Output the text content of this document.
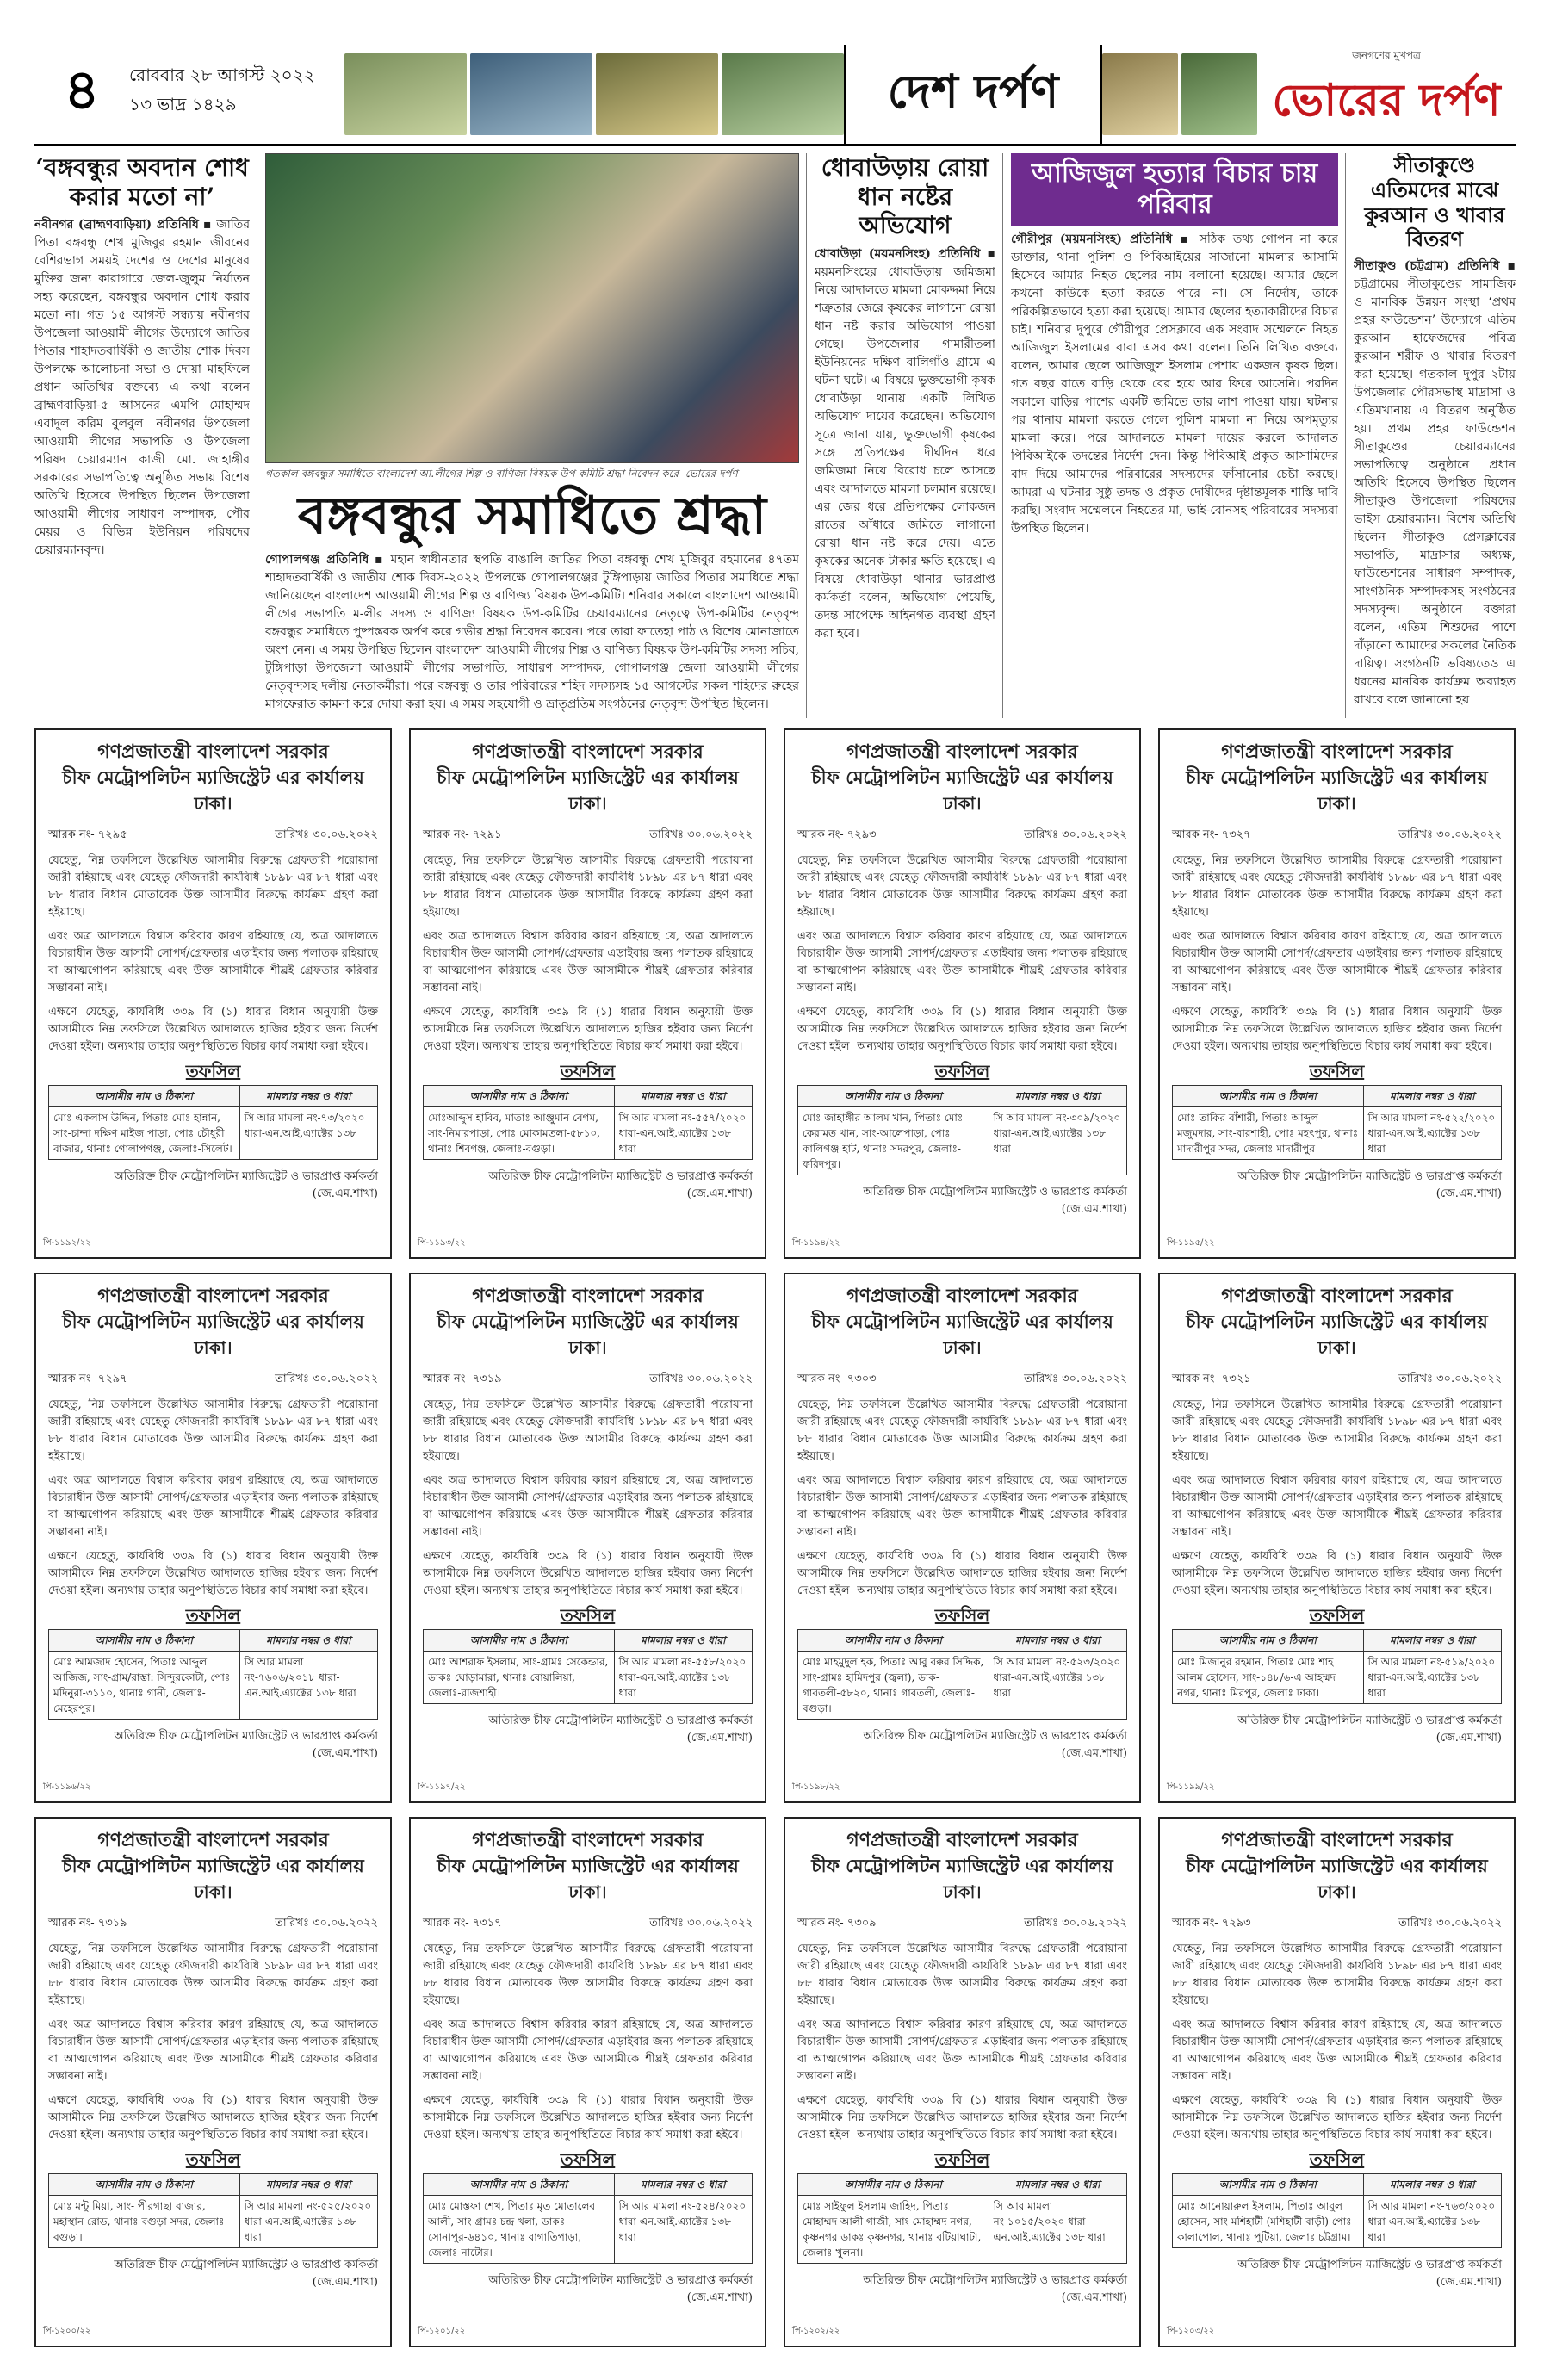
৪	রোববার ২৮ আগস্ট ২০২২
১৩ ভাদ্র ১৪২৯	দেশ দর্পণ
জনগণের মুখপত্র
ভোরের দর্পণ
‘বঙ্গবন্ধুর অবদান শোধ করার মতো না’
নবীনগর (ব্রাহ্মণবাড়িয়া) প্রতিনিধি ▪ জাতির পিতা বঙ্গবন্ধু শেখ মুজিবুর রহমান জীবনের বেশিরভাগ সময়ই দেশের ও দেশের মানুষের মুক্তির জন্য কারাগারে জেল-জুলুম নির্যাতন সহ্য করেছেন, বঙ্গবন্ধুর অবদান শোধ করার মতো না। গত ১৫ আগস্ট সন্ধ্যায় নবীনগর উপজেলা আওয়ামী লীগের উদ্যোগে জাতির পিতার শাহাদতবার্ষিকী ও জাতীয় শোক দিবস উপলক্ষে আলোচনা সভা ও দোয়া মাহফিলে প্রধান অতিথির বক্তব্যে এ কথা বলেন ব্রাহ্মণবাড়িয়া-৫ আসনের এমপি মোহাম্মদ এবাদুল করিম বুলবুল। নবীনগর উপজেলা আওয়ামী লীগের সভাপতি ও উপজেলা পরিষদ চেয়ারম্যান কাজী মো. জাহাঙ্গীর সরকারের সভাপতিত্বে অনুষ্ঠিত সভায় বিশেষ অতিথি হিসেবে উপস্থিত ছিলেন উপজেলা আওয়ামী লীগের সাধারণ সম্পাদক, পৌর মেয়র ও বিভিন্ন ইউনিয়ন পরিষদের চেয়ারম্যানবৃন্দ।
গতকাল বঙ্গবন্ধুর সমাধিতে বাংলাদেশ আ.লীগের শিল্প ও বাণিজ্য বিষয়ক উপ-কমিটি শ্রদ্ধা নিবেদন করে -ভোরের দর্পণ
বঙ্গবন্ধুর সমাধিতে শ্রদ্ধা
গোপালগঞ্জ প্রতিনিধি ▪ মহান স্বাধীনতার স্থপতি বাঙালি জাতির পিতা বঙ্গবন্ধু শেখ মুজিবুর রহমানের ৪৭তম শাহাদতবার্ষিকী ও জাতীয় শোক দিবস-২০২২ উপলক্ষে গোপালগঞ্জের টুঙ্গিপাড়ায় জাতির পিতার সমাধিতে শ্রদ্ধা জানিয়েছেন বাংলাদেশ আওয়ামী লীগের শিল্প ও বাণিজ্য বিষয়ক উপ-কমিটি। শনিবার সকালে বাংলাদেশ আওয়ামী লীগের সভাপতি ম-লীর সদস্য ও বাণিজ্য বিষয়ক উপ-কমিটির চেয়ারম্যানের নেতৃত্বে উপ-কমিটির নেতৃবৃন্দ বঙ্গবন্ধুর সমাধিতে পুষ্পস্তবক অর্পণ করে গভীর শ্রদ্ধা নিবেদন করেন। পরে তারা ফাতেহা পাঠ ও বিশেষ মোনাজাতে অংশ নেন। এ সময় উপস্থিত ছিলেন বাংলাদেশ আওয়ামী লীগের শিল্প ও বাণিজ্য বিষয়ক উপ-কমিটির সদস্য সচিব, টুঙ্গিপাড়া উপজেলা আওয়ামী লীগের সভাপতি, সাধারণ সম্পাদক, গোপালগঞ্জ জেলা আওয়ামী লীগের নেতৃবৃন্দসহ দলীয় নেতাকর্মীরা। পরে বঙ্গবন্ধু ও তার পরিবারের শহিদ সদস্যসহ ১৫ আগস্টের সকল শহিদের রুহের মাগফেরাত কামনা করে দোয়া করা হয়। এ সময় সহযোগী ও ভ্রাতৃপ্রতিম সংগঠনের নেতৃবৃন্দ উপস্থিত ছিলেন।
ধোবাউড়ায় রোয়া ধান নষ্টের অভিযোগ
ধোবাউড়া (ময়মনসিংহ) প্রতিনিধি ▪ ময়মনসিংহের ধোবাউড়ায় জমিজমা নিয়ে আদালতে মামলা মোকদ্দমা নিয়ে শত্রুতার জেরে কৃষকের লাগানো রোয়া ধান নষ্ট করার অভিযোগ পাওয়া গেছে। উপজেলার গামারীতলা ইউনিয়নের দক্ষিণ বালিগাঁও গ্রামে এ ঘটনা ঘটে। এ বিষয়ে ভুক্তভোগী কৃষক ধোবাউড়া থানায় একটি লিখিত অভিযোগ দায়ের করেছেন। অভিযোগ সূত্রে জানা যায়, ভুক্তভোগী কৃষকের সঙ্গে প্রতিপক্ষের দীর্ঘদিন ধরে জমিজমা নিয়ে বিরোধ চলে আসছে এবং আদালতে মামলা চলমান রয়েছে। এর জের ধরে প্রতিপক্ষের লোকজন রাতের আঁধারে জমিতে লাগানো রোয়া ধান নষ্ট করে দেয়। এতে কৃষকের অনেক টাকার ক্ষতি হয়েছে। এ বিষয়ে ধোবাউড়া থানার ভারপ্রাপ্ত কর্মকর্তা বলেন, অভিযোগ পেয়েছি, তদন্ত সাপেক্ষে আইনগত ব্যবস্থা গ্রহণ করা হবে।
আজিজুল হত্যার বিচার চায় পরিবার
গৌরীপুর (ময়মনসিংহ) প্রতিনিধি ▪ সঠিক তথ্য গোপন না করে ডাক্তার, থানা পুলিশ ও পিবিআইয়ের সাজানো মামলার আসামি হিসেবে আমার নিহত ছেলের নাম বলানো হয়েছে। আমার ছেলে কখনো কাউকে হত্যা করতে পারে না। সে নির্দোষ, তাকে পরিকল্পিতভাবে হত্যা করা হয়েছে। আমার ছেলের হত্যাকারীদের বিচার চাই। শনিবার দুপুরে গৌরীপুর প্রেসক্লাবে এক সংবাদ সম্মেলনে নিহত আজিজুল ইসলামের বাবা এসব কথা বলেন। তিনি লিখিত বক্তব্যে বলেন, আমার ছেলে আজিজুল ইসলাম পেশায় একজন কৃষক ছিল। গত বছর রাতে বাড়ি থেকে বের হয়ে আর ফিরে আসেনি। পরদিন সকালে বাড়ির পাশের একটি জমিতে তার লাশ পাওয়া যায়। ঘটনার পর থানায় মামলা করতে গেলে পুলিশ মামলা না নিয়ে অপমৃত্যুর মামলা করে। পরে আদালতে মামলা দায়ের করলে আদালত পিবিআইকে তদন্তের নির্দেশ দেন। কিন্তু পিবিআই প্রকৃত আসামিদের বাদ দিয়ে আমাদের পরিবারের সদস্যদের ফাঁসানোর চেষ্টা করছে। আমরা এ ঘটনার সুষ্ঠু তদন্ত ও প্রকৃত দোষীদের দৃষ্টান্তমূলক শাস্তি দাবি করছি। সংবাদ সম্মেলনে নিহতের মা, ভাই-বোনসহ পরিবারের সদস্যরা উপস্থিত ছিলেন।
সীতাকুণ্ডে এতিমদের মাঝে কুরআন ও খাবার বিতরণ
সীতাকুণ্ড (চট্টগ্রাম) প্রতিনিধি ▪ চট্টগ্রামের সীতাকুণ্ডের সামাজিক ও মানবিক উন্নয়ন সংস্থা ‘প্রথম প্রহর ফাউন্ডেশন’ উদ্যোগে এতিম কুরআন হাফেজদের পবিত্র কুরআন শরীফ ও খাবার বিতরণ করা হয়েছে। গতকাল দুপুর ২টায় উপজেলার পৌরসভাস্থ মাদ্রাসা ও এতিমখানায় এ বিতরণ অনুষ্ঠিত হয়। প্রথম প্রহর ফাউন্ডেশন সীতাকুণ্ডের চেয়ারম্যানের সভাপতিত্বে অনুষ্ঠানে প্রধান অতিথি হিসেবে উপস্থিত ছিলেন সীতাকুণ্ড উপজেলা পরিষদের ভাইস চেয়ারম্যান। বিশেষ অতিথি ছিলেন সীতাকুণ্ড প্রেসক্লাবের সভাপতি, মাদ্রাসার অধ্যক্ষ, ফাউন্ডেশনের সাধারণ সম্পাদক, সাংগঠনিক সম্পাদকসহ সংগঠনের সদস্যবৃন্দ। অনুষ্ঠানে বক্তারা বলেন, এতিম শিশুদের পাশে দাঁড়ানো আমাদের সকলের নৈতিক দায়িত্ব। সংগঠনটি ভবিষ্যতেও এ ধরনের মানবিক কার্যক্রম অব্যাহত রাখবে বলে জানানো হয়।
গণপ্রজাতন্ত্রী বাংলাদেশ সরকার
চীফ মেট্রোপলিটন ম্যাজিস্ট্রেট এর কার্যালয়
ঢাকা।
স্মারক নং- ৭২৯৫	তারিখঃ ৩০.০৬.২০২২
যেহেতু, নিম্ন তফসিলে উল্লেখিত আসামীর বিরুদ্ধে গ্রেফতারী পরোয়ানা জারী রহিয়াছে এবং যেহেতু ফৌজদারী কার্যবিধি ১৮৯৮ এর ৮৭ ধারা এবং ৮৮ ধারার বিধান মোতাবেক উক্ত আসামীর বিরুদ্ধে কার্যক্রম গ্রহণ করা হইয়াছে।
এবং অত্র আদালতে বিশ্বাস করিবার কারণ রহিয়াছে যে, অত্র আদালতে বিচারাধীন উক্ত আসামী সোপর্দ/গ্রেফতার এড়াইবার জন্য পলাতক রহিয়াছে বা আত্মগোপন করিয়াছে এবং উক্ত আসামীকে শীঘ্রই গ্রেফতার করিবার সম্ভাবনা নাই।
এক্ষণে যেহেতু, কার্যবিধি ৩৩৯ বি (১) ধারার বিধান অনুযায়ী উক্ত আসামীকে নিম্ন তফসিলে উল্লেখিত আদালতে হাজির হইবার জন্য নির্দেশ দেওয়া হইল। অন্যথায় তাহার অনুপস্থিতিতে বিচার কার্য সমাধা করা হইবে।
তফসিল
আসামীর নাম ও ঠিকানা	মামলার নম্বর ও ধারা
মোঃ একলাস উদ্দিন, পিতাঃ মোঃ হান্নান, সাং-চান্দা দক্ষিণ মাইজ পাড়া, পোঃ চৌধুরী বাজার, থানাঃ গোলাপগঞ্জ, জেলাঃ-সিলেট।	সি আর মামলা নং-৭৩/২০২০ ধারা-এন.আই.এ্যাক্টের ১৩৮
অতিরিক্ত চীফ মেট্রোপলিটন ম্যাজিস্ট্রেট ও ভারপ্রাপ্ত কর্মকর্তা (জে.এম.শাখা)
পি-১১৯২/২২
গণপ্রজাতন্ত্রী বাংলাদেশ সরকার
চীফ মেট্রোপলিটন ম্যাজিস্ট্রেট এর কার্যালয়
ঢাকা।
স্মারক নং- ৭২৯১	তারিখঃ ৩০.০৬.২০২২
যেহেতু, নিম্ন তফসিলে উল্লেখিত আসামীর বিরুদ্ধে গ্রেফতারী পরোয়ানা জারী রহিয়াছে এবং যেহেতু ফৌজদারী কার্যবিধি ১৮৯৮ এর ৮৭ ধারা এবং ৮৮ ধারার বিধান মোতাবেক উক্ত আসামীর বিরুদ্ধে কার্যক্রম গ্রহণ করা হইয়াছে।
এবং অত্র আদালতে বিশ্বাস করিবার কারণ রহিয়াছে যে, অত্র আদালতে বিচারাধীন উক্ত আসামী সোপর্দ/গ্রেফতার এড়াইবার জন্য পলাতক রহিয়াছে বা আত্মগোপন করিয়াছে এবং উক্ত আসামীকে শীঘ্রই গ্রেফতার করিবার সম্ভাবনা নাই।
এক্ষণে যেহেতু, কার্যবিধি ৩৩৯ বি (১) ধারার বিধান অনুযায়ী উক্ত আসামীকে নিম্ন তফসিলে উল্লেখিত আদালতে হাজির হইবার জন্য নির্দেশ দেওয়া হইল। অন্যথায় তাহার অনুপস্থিতিতে বিচার কার্য সমাধা করা হইবে।
তফসিল
আসামীর নাম ও ঠিকানা	মামলার নম্বর ও ধারা
মোঃআব্দুস হাবিব, মাতাঃ আঞ্জুমান বেগম, সাং-নিমারপাড়া, পোঃ মোকামতলা-৫৮১০, থানাঃ শিবগঞ্জ, জেলাঃ-বগুড়া।	সি আর মামলা নং-৫৫৭/২০২০ ধারা-এন.আই.এ্যাক্টের ১৩৮ ধারা
অতিরিক্ত চীফ মেট্রোপলিটন ম্যাজিস্ট্রেট ও ভারপ্রাপ্ত কর্মকর্তা (জে.এম.শাখা)
পি-১১৯৩/২২
গণপ্রজাতন্ত্রী বাংলাদেশ সরকার
চীফ মেট্রোপলিটন ম্যাজিস্ট্রেট এর কার্যালয়
ঢাকা।
স্মারক নং- ৭২৯৩	তারিখঃ ৩০.০৬.২০২২
যেহেতু, নিম্ন তফসিলে উল্লেখিত আসামীর বিরুদ্ধে গ্রেফতারী পরোয়ানা জারী রহিয়াছে এবং যেহেতু ফৌজদারী কার্যবিধি ১৮৯৮ এর ৮৭ ধারা এবং ৮৮ ধারার বিধান মোতাবেক উক্ত আসামীর বিরুদ্ধে কার্যক্রম গ্রহণ করা হইয়াছে।
এবং অত্র আদালতে বিশ্বাস করিবার কারণ রহিয়াছে যে, অত্র আদালতে বিচারাধীন উক্ত আসামী সোপর্দ/গ্রেফতার এড়াইবার জন্য পলাতক রহিয়াছে বা আত্মগোপন করিয়াছে এবং উক্ত আসামীকে শীঘ্রই গ্রেফতার করিবার সম্ভাবনা নাই।
এক্ষণে যেহেতু, কার্যবিধি ৩৩৯ বি (১) ধারার বিধান অনুযায়ী উক্ত আসামীকে নিম্ন তফসিলে উল্লেখিত আদালতে হাজির হইবার জন্য নির্দেশ দেওয়া হইল। অন্যথায় তাহার অনুপস্থিতিতে বিচার কার্য সমাধা করা হইবে।
তফসিল
আসামীর নাম ও ঠিকানা	মামলার নম্বর ও ধারা
মোঃ জাহাঙ্গীর আলম খান, পিতাঃ মোঃ কেরামত খান, সাং-আলেপাড়া, পোঃ কালিগঞ্জ হাট, থানাঃ সদরপুর, জেলাঃ-ফরিদপুর।	সি আর মামলা নং-৩০৯/২০২০ ধারা-এন.আই.এ্যাক্টের ১৩৮ ধারা
অতিরিক্ত চীফ মেট্রোপলিটন ম্যাজিস্ট্রেট ও ভারপ্রাপ্ত কর্মকর্তা (জে.এম.শাখা)
পি-১১৯৪/২২
গণপ্রজাতন্ত্রী বাংলাদেশ সরকার
চীফ মেট্রোপলিটন ম্যাজিস্ট্রেট এর কার্যালয়
ঢাকা।
স্মারক নং- ৭৩২৭	তারিখঃ ৩০.০৬.২০২২
যেহেতু, নিম্ন তফসিলে উল্লেখিত আসামীর বিরুদ্ধে গ্রেফতারী পরোয়ানা জারী রহিয়াছে এবং যেহেতু ফৌজদারী কার্যবিধি ১৮৯৮ এর ৮৭ ধারা এবং ৮৮ ধারার বিধান মোতাবেক উক্ত আসামীর বিরুদ্ধে কার্যক্রম গ্রহণ করা হইয়াছে।
এবং অত্র আদালতে বিশ্বাস করিবার কারণ রহিয়াছে যে, অত্র আদালতে বিচারাধীন উক্ত আসামী সোপর্দ/গ্রেফতার এড়াইবার জন্য পলাতক রহিয়াছে বা আত্মগোপন করিয়াছে এবং উক্ত আসামীকে শীঘ্রই গ্রেফতার করিবার সম্ভাবনা নাই।
এক্ষণে যেহেতু, কার্যবিধি ৩৩৯ বি (১) ধারার বিধান অনুযায়ী উক্ত আসামীকে নিম্ন তফসিলে উল্লেখিত আদালতে হাজির হইবার জন্য নির্দেশ দেওয়া হইল। অন্যথায় তাহার অনুপস্থিতিতে বিচার কার্য সমাধা করা হইবে।
তফসিল
আসামীর নাম ও ঠিকানা	মামলার নম্বর ও ধারা
মোঃ তাকির বাঁশারী, পিতাঃ আব্দুল মজুমদার, সাং-বারশাহী, পোঃ মহৎপুর, থানাঃ মাদারীপুর সদর, জেলাঃ মাদারীপুর।	সি আর মামলা নং-৫২২/২০২০ ধারা-এন.আই.এ্যাক্টের ১৩৮ ধারা
অতিরিক্ত চীফ মেট্রোপলিটন ম্যাজিস্ট্রেট ও ভারপ্রাপ্ত কর্মকর্তা (জে.এম.শাখা)
পি-১১৯৫/২২
গণপ্রজাতন্ত্রী বাংলাদেশ সরকার
চীফ মেট্রোপলিটন ম্যাজিস্ট্রেট এর কার্যালয়
ঢাকা।
স্মারক নং- ৭২৯৭	তারিখঃ ৩০.০৬.২০২২
যেহেতু, নিম্ন তফসিলে উল্লেখিত আসামীর বিরুদ্ধে গ্রেফতারী পরোয়ানা জারী রহিয়াছে এবং যেহেতু ফৌজদারী কার্যবিধি ১৮৯৮ এর ৮৭ ধারা এবং ৮৮ ধারার বিধান মোতাবেক উক্ত আসামীর বিরুদ্ধে কার্যক্রম গ্রহণ করা হইয়াছে।
এবং অত্র আদালতে বিশ্বাস করিবার কারণ রহিয়াছে যে, অত্র আদালতে বিচারাধীন উক্ত আসামী সোপর্দ/গ্রেফতার এড়াইবার জন্য পলাতক রহিয়াছে বা আত্মগোপন করিয়াছে এবং উক্ত আসামীকে শীঘ্রই গ্রেফতার করিবার সম্ভাবনা নাই।
এক্ষণে যেহেতু, কার্যবিধি ৩৩৯ বি (১) ধারার বিধান অনুযায়ী উক্ত আসামীকে নিম্ন তফসিলে উল্লেখিত আদালতে হাজির হইবার জন্য নির্দেশ দেওয়া হইল। অন্যথায় তাহার অনুপস্থিতিতে বিচার কার্য সমাধা করা হইবে।
তফসিল
আসামীর নাম ও ঠিকানা	মামলার নম্বর ও ধারা
মোঃ আমজাদ হোসেন, পিতাঃ আব্দুল আজিজ, সাং-গ্রাম/রাস্তা: সিন্দুরকোটা, পোঃ মদিনুরা-৩১১০, থানাঃ গানী, জেলাঃ-মেহেরপুর।	সি আর মামলা নং-৭৬০৬/২০১৮ ধারা-এন.আই.এ্যাক্টের ১৩৮ ধারা
অতিরিক্ত চীফ মেট্রোপলিটন ম্যাজিস্ট্রেট ও ভারপ্রাপ্ত কর্মকর্তা (জে.এম.শাখা)
পি-১১৯৬/২২
গণপ্রজাতন্ত্রী বাংলাদেশ সরকার
চীফ মেট্রোপলিটন ম্যাজিস্ট্রেট এর কার্যালয়
ঢাকা।
স্মারক নং- ৭৩১৯	তারিখঃ ৩০.০৬.২০২২
যেহেতু, নিম্ন তফসিলে উল্লেখিত আসামীর বিরুদ্ধে গ্রেফতারী পরোয়ানা জারী রহিয়াছে এবং যেহেতু ফৌজদারী কার্যবিধি ১৮৯৮ এর ৮৭ ধারা এবং ৮৮ ধারার বিধান মোতাবেক উক্ত আসামীর বিরুদ্ধে কার্যক্রম গ্রহণ করা হইয়াছে।
এবং অত্র আদালতে বিশ্বাস করিবার কারণ রহিয়াছে যে, অত্র আদালতে বিচারাধীন উক্ত আসামী সোপর্দ/গ্রেফতার এড়াইবার জন্য পলাতক রহিয়াছে বা আত্মগোপন করিয়াছে এবং উক্ত আসামীকে শীঘ্রই গ্রেফতার করিবার সম্ভাবনা নাই।
এক্ষণে যেহেতু, কার্যবিধি ৩৩৯ বি (১) ধারার বিধান অনুযায়ী উক্ত আসামীকে নিম্ন তফসিলে উল্লেখিত আদালতে হাজির হইবার জন্য নির্দেশ দেওয়া হইল। অন্যথায় তাহার অনুপস্থিতিতে বিচার কার্য সমাধা করা হইবে।
তফসিল
আসামীর নাম ও ঠিকানা	মামলার নম্বর ও ধারা
মোঃ আশরাফ ইসলাম, সাং-গ্রামঃ সেকেন্ডার, ডাকঃ ঘোড়ামারা, থানাঃ বোয়ালিয়া, জেলাঃ-রাজশাহী।	সি আর মামলা নং-৫৫৮/২০২০ ধারা-এন.আই.এ্যাক্টের ১৩৮ ধারা
অতিরিক্ত চীফ মেট্রোপলিটন ম্যাজিস্ট্রেট ও ভারপ্রাপ্ত কর্মকর্তা (জে.এম.শাখা)
পি-১১৯৭/২২
গণপ্রজাতন্ত্রী বাংলাদেশ সরকার
চীফ মেট্রোপলিটন ম্যাজিস্ট্রেট এর কার্যালয়
ঢাকা।
স্মারক নং- ৭৩০৩	তারিখঃ ৩০.০৬.২০২২
যেহেতু, নিম্ন তফসিলে উল্লেখিত আসামীর বিরুদ্ধে গ্রেফতারী পরোয়ানা জারী রহিয়াছে এবং যেহেতু ফৌজদারী কার্যবিধি ১৮৯৮ এর ৮৭ ধারা এবং ৮৮ ধারার বিধান মোতাবেক উক্ত আসামীর বিরুদ্ধে কার্যক্রম গ্রহণ করা হইয়াছে।
এবং অত্র আদালতে বিশ্বাস করিবার কারণ রহিয়াছে যে, অত্র আদালতে বিচারাধীন উক্ত আসামী সোপর্দ/গ্রেফতার এড়াইবার জন্য পলাতক রহিয়াছে বা আত্মগোপন করিয়াছে এবং উক্ত আসামীকে শীঘ্রই গ্রেফতার করিবার সম্ভাবনা নাই।
এক্ষণে যেহেতু, কার্যবিধি ৩৩৯ বি (১) ধারার বিধান অনুযায়ী উক্ত আসামীকে নিম্ন তফসিলে উল্লেখিত আদালতে হাজির হইবার জন্য নির্দেশ দেওয়া হইল। অন্যথায় তাহার অনুপস্থিতিতে বিচার কার্য সমাধা করা হইবে।
তফসিল
আসামীর নাম ও ঠিকানা	মামলার নম্বর ও ধারা
মোঃ মাহমুদুল হক, পিতাঃ আবু বক্কর সিদ্দিক, সাং-গ্রামঃ হামিদপুর (জ্বলা), ডাক-গাবতলী-৫৮২০, থানাঃ গাবতলী, জেলাঃ-বগুড়া।	সি আর মামলা নং-৫২৩/২০২০ ধারা-এন.আই.এ্যাক্টের ১৩৮ ধারা
অতিরিক্ত চীফ মেট্রোপলিটন ম্যাজিস্ট্রেট ও ভারপ্রাপ্ত কর্মকর্তা (জে.এম.শাখা)
পি-১১৯৮/২২
গণপ্রজাতন্ত্রী বাংলাদেশ সরকার
চীফ মেট্রোপলিটন ম্যাজিস্ট্রেট এর কার্যালয়
ঢাকা।
স্মারক নং- ৭৩২১	তারিখঃ ৩০.০৬.২০২২
যেহেতু, নিম্ন তফসিলে উল্লেখিত আসামীর বিরুদ্ধে গ্রেফতারী পরোয়ানা জারী রহিয়াছে এবং যেহেতু ফৌজদারী কার্যবিধি ১৮৯৮ এর ৮৭ ধারা এবং ৮৮ ধারার বিধান মোতাবেক উক্ত আসামীর বিরুদ্ধে কার্যক্রম গ্রহণ করা হইয়াছে।
এবং অত্র আদালতে বিশ্বাস করিবার কারণ রহিয়াছে যে, অত্র আদালতে বিচারাধীন উক্ত আসামী সোপর্দ/গ্রেফতার এড়াইবার জন্য পলাতক রহিয়াছে বা আত্মগোপন করিয়াছে এবং উক্ত আসামীকে শীঘ্রই গ্রেফতার করিবার সম্ভাবনা নাই।
এক্ষণে যেহেতু, কার্যবিধি ৩৩৯ বি (১) ধারার বিধান অনুযায়ী উক্ত আসামীকে নিম্ন তফসিলে উল্লেখিত আদালতে হাজির হইবার জন্য নির্দেশ দেওয়া হইল। অন্যথায় তাহার অনুপস্থিতিতে বিচার কার্য সমাধা করা হইবে।
তফসিল
আসামীর নাম ও ঠিকানা	মামলার নম্বর ও ধারা
মোঃ মিজানুর রহমান, পিতাঃ মোঃ শাহ আলম হোসেন, সাং-১৪৮/৬-এ আহম্মদ নগর, থানাঃ মিরপুর, জেলাঃ ঢাকা।	সি আর মামলা নং-৫১৯/২০২০ ধারা-এন.আই.এ্যাক্টের ১৩৮ ধারা
অতিরিক্ত চীফ মেট্রোপলিটন ম্যাজিস্ট্রেট ও ভারপ্রাপ্ত কর্মকর্তা (জে.এম.শাখা)
পি-১১৯৯/২২
গণপ্রজাতন্ত্রী বাংলাদেশ সরকার
চীফ মেট্রোপলিটন ম্যাজিস্ট্রেট এর কার্যালয়
ঢাকা।
স্মারক নং- ৭৩১৯	তারিখঃ ৩০.০৬.২০২২
যেহেতু, নিম্ন তফসিলে উল্লেখিত আসামীর বিরুদ্ধে গ্রেফতারী পরোয়ানা জারী রহিয়াছে এবং যেহেতু ফৌজদারী কার্যবিধি ১৮৯৮ এর ৮৭ ধারা এবং ৮৮ ধারার বিধান মোতাবেক উক্ত আসামীর বিরুদ্ধে কার্যক্রম গ্রহণ করা হইয়াছে।
এবং অত্র আদালতে বিশ্বাস করিবার কারণ রহিয়াছে যে, অত্র আদালতে বিচারাধীন উক্ত আসামী সোপর্দ/গ্রেফতার এড়াইবার জন্য পলাতক রহিয়াছে বা আত্মগোপন করিয়াছে এবং উক্ত আসামীকে শীঘ্রই গ্রেফতার করিবার সম্ভাবনা নাই।
এক্ষণে যেহেতু, কার্যবিধি ৩৩৯ বি (১) ধারার বিধান অনুযায়ী উক্ত আসামীকে নিম্ন তফসিলে উল্লেখিত আদালতে হাজির হইবার জন্য নির্দেশ দেওয়া হইল। অন্যথায় তাহার অনুপস্থিতিতে বিচার কার্য সমাধা করা হইবে।
তফসিল
আসামীর নাম ও ঠিকানা	মামলার নম্বর ও ধারা
মোঃ মন্টু মিয়া, সাং- পীরগাছা বাজার, মহাস্থান রোড, থানাঃ বগুড়া সদর, জেলাঃ-বগুড়া।	সি আর মামলা নং-৫২৫/২০২০ ধারা-এন.আই.এ্যাক্টের ১৩৮ ধারা
অতিরিক্ত চীফ মেট্রোপলিটন ম্যাজিস্ট্রেট ও ভারপ্রাপ্ত কর্মকর্তা (জে.এম.শাখা)
পি-১২০০/২২
গণপ্রজাতন্ত্রী বাংলাদেশ সরকার
চীফ মেট্রোপলিটন ম্যাজিস্ট্রেট এর কার্যালয়
ঢাকা।
স্মারক নং- ৭৩১৭	তারিখঃ ৩০.০৬.২০২২
যেহেতু, নিম্ন তফসিলে উল্লেখিত আসামীর বিরুদ্ধে গ্রেফতারী পরোয়ানা জারী রহিয়াছে এবং যেহেতু ফৌজদারী কার্যবিধি ১৮৯৮ এর ৮৭ ধারা এবং ৮৮ ধারার বিধান মোতাবেক উক্ত আসামীর বিরুদ্ধে কার্যক্রম গ্রহণ করা হইয়াছে।
এবং অত্র আদালতে বিশ্বাস করিবার কারণ রহিয়াছে যে, অত্র আদালতে বিচারাধীন উক্ত আসামী সোপর্দ/গ্রেফতার এড়াইবার জন্য পলাতক রহিয়াছে বা আত্মগোপন করিয়াছে এবং উক্ত আসামীকে শীঘ্রই গ্রেফতার করিবার সম্ভাবনা নাই।
এক্ষণে যেহেতু, কার্যবিধি ৩৩৯ বি (১) ধারার বিধান অনুযায়ী উক্ত আসামীকে নিম্ন তফসিলে উল্লেখিত আদালতে হাজির হইবার জন্য নির্দেশ দেওয়া হইল। অন্যথায় তাহার অনুপস্থিতিতে বিচার কার্য সমাধা করা হইবে।
তফসিল
আসামীর নাম ও ঠিকানা	মামলার নম্বর ও ধারা
মোঃ মোস্তফা শেখ, পিতাঃ মৃত মোতালেব আলী, সাং-গ্রামঃ চন্দ্র খলা, ডাকঃ সোনাপুর-৬৪১০, থানাঃ বাগাতিপাড়া, জেলাঃ-নাটোর।	সি আর মামলা নং-৫২৪/২০২০ ধারা-এন.আই.এ্যাক্টের ১৩৮ ধারা
অতিরিক্ত চীফ মেট্রোপলিটন ম্যাজিস্ট্রেট ও ভারপ্রাপ্ত কর্মকর্তা (জে.এম.শাখা)
পি-১২০১/২২
গণপ্রজাতন্ত্রী বাংলাদেশ সরকার
চীফ মেট্রোপলিটন ম্যাজিস্ট্রেট এর কার্যালয়
ঢাকা।
স্মারক নং- ৭৩০৯	তারিখঃ ৩০.০৬.২০২২
যেহেতু, নিম্ন তফসিলে উল্লেখিত আসামীর বিরুদ্ধে গ্রেফতারী পরোয়ানা জারী রহিয়াছে এবং যেহেতু ফৌজদারী কার্যবিধি ১৮৯৮ এর ৮৭ ধারা এবং ৮৮ ধারার বিধান মোতাবেক উক্ত আসামীর বিরুদ্ধে কার্যক্রম গ্রহণ করা হইয়াছে।
এবং অত্র আদালতে বিশ্বাস করিবার কারণ রহিয়াছে যে, অত্র আদালতে বিচারাধীন উক্ত আসামী সোপর্দ/গ্রেফতার এড়াইবার জন্য পলাতক রহিয়াছে বা আত্মগোপন করিয়াছে এবং উক্ত আসামীকে শীঘ্রই গ্রেফতার করিবার সম্ভাবনা নাই।
এক্ষণে যেহেতু, কার্যবিধি ৩৩৯ বি (১) ধারার বিধান অনুযায়ী উক্ত আসামীকে নিম্ন তফসিলে উল্লেখিত আদালতে হাজির হইবার জন্য নির্দেশ দেওয়া হইল। অন্যথায় তাহার অনুপস্থিতিতে বিচার কার্য সমাধা করা হইবে।
তফসিল
আসামীর নাম ও ঠিকানা	মামলার নম্বর ও ধারা
মোঃ সাইফুল ইসলাম জাহিদ, পিতাঃ মোহাম্মদ আলী গাজী, সাং মোহাম্মদ নগর, কৃষ্ণনগর ডাকঃ কৃষ্ণনগর, থানাঃ বটিয়াঘাটা, জেলাঃ-খুলনা।	সি আর মামলা নং-১০১৫/২০২০ ধারা-এন.আই.এ্যাক্টের ১৩৮ ধারা
অতিরিক্ত চীফ মেট্রোপলিটন ম্যাজিস্ট্রেট ও ভারপ্রাপ্ত কর্মকর্তা (জে.এম.শাখা)
পি-১২০২/২২
গণপ্রজাতন্ত্রী বাংলাদেশ সরকার
চীফ মেট্রোপলিটন ম্যাজিস্ট্রেট এর কার্যালয়
ঢাকা।
স্মারক নং- ৭২৯৩	তারিখঃ ৩০.০৬.২০২২
যেহেতু, নিম্ন তফসিলে উল্লেখিত আসামীর বিরুদ্ধে গ্রেফতারী পরোয়ানা জারী রহিয়াছে এবং যেহেতু ফৌজদারী কার্যবিধি ১৮৯৮ এর ৮৭ ধারা এবং ৮৮ ধারার বিধান মোতাবেক উক্ত আসামীর বিরুদ্ধে কার্যক্রম গ্রহণ করা হইয়াছে।
এবং অত্র আদালতে বিশ্বাস করিবার কারণ রহিয়াছে যে, অত্র আদালতে বিচারাধীন উক্ত আসামী সোপর্দ/গ্রেফতার এড়াইবার জন্য পলাতক রহিয়াছে বা আত্মগোপন করিয়াছে এবং উক্ত আসামীকে শীঘ্রই গ্রেফতার করিবার সম্ভাবনা নাই।
এক্ষণে যেহেতু, কার্যবিধি ৩৩৯ বি (১) ধারার বিধান অনুযায়ী উক্ত আসামীকে নিম্ন তফসিলে উল্লেখিত আদালতে হাজির হইবার জন্য নির্দেশ দেওয়া হইল। অন্যথায় তাহার অনুপস্থিতিতে বিচার কার্য সমাধা করা হইবে।
তফসিল
আসামীর নাম ও ঠিকানা	মামলার নম্বর ও ধারা
মোঃ আনোয়ারুল ইসলাম, পিতাঃ আবুল হোসেন, সাং-মশিহাটী (মশিহাটী বাড়ী) পোঃ কালাপোল, থানাঃ পুটিয়া, জেলাঃ চট্টগ্রাম।	সি আর মামলা নং-৭৬৩/২০২০ ধারা-এন.আই.এ্যাক্টের ১৩৮ ধারা
অতিরিক্ত চীফ মেট্রোপলিটন ম্যাজিস্ট্রেট ও ভারপ্রাপ্ত কর্মকর্তা (জে.এম.শাখা)
পি-১২০৩/২২
